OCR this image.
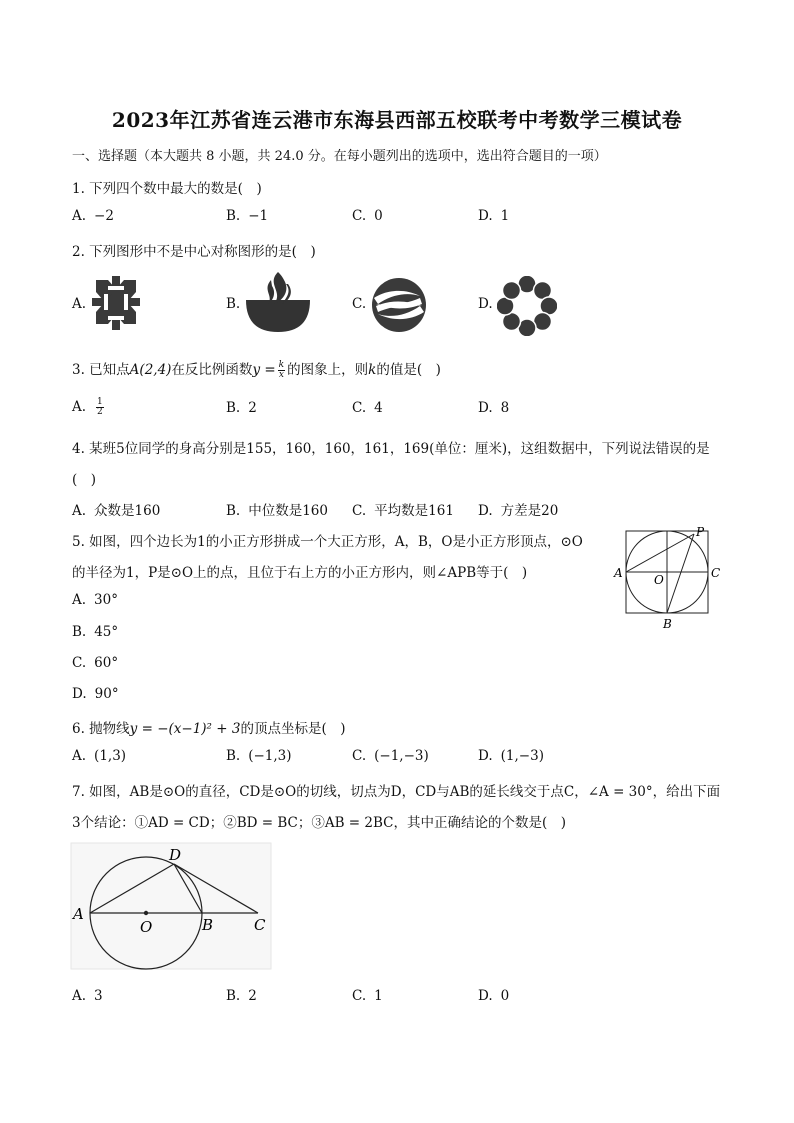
2023年江苏省连云港市东海县西部五校联考中考数学三模试卷
一、选择题（本大题共 8 小题，共 24.0 分。在每小题列出的选项中，选出符合题目的一项）
1. 下列四个数中最大的数是(　)
A. −2	B. −1	C. 0	D. 1
2. 下列图形中不是中心对称图形的是(　)
A.	B.	C.	D.
3. 已知点A(2,4)在反比例函数$y = \frac{k}{x}$ 的图象上，则k的值是(　)
A. $\frac{1}{2}$	B. 2	C. 4	D. 8
4. 某班5位同学的身高分别是155，160，160，161，169(单位：厘米)，这组数据中，下列说法错误的是
(　)
A. 众数是160	B. 中位数是160 C. 平均数是161 D. 方差是20
5. 如图，四个边长为1的小正方形拼成一个大正方形，A，B，O是小正方形顶点，⊙O
的半径为1，P是⊙O上的点，且位于右上方的小正方形内，则∠APB等于(　)
P
A	O	C
B
A. 30°
B. 45°
C. 60°
D. 90°
6. 抛物线y = −(x−1)² + 3的顶点坐标是(　)
A. (1,3)	B. (−1,3)	C. (−1,−3)	D. (1,−3)
7. 如图，AB是⊙O的直径，CD是⊙O的切线，切点为D，CD与AB的延长线交于点C，∠A = 30°，给出下面
3个结论：①AD = CD；②BD = BC；③AB = 2BC，其中正确结论的个数是(　)
D
A
O	B	C
A. 3	B. 2	C. 1	D. 0
